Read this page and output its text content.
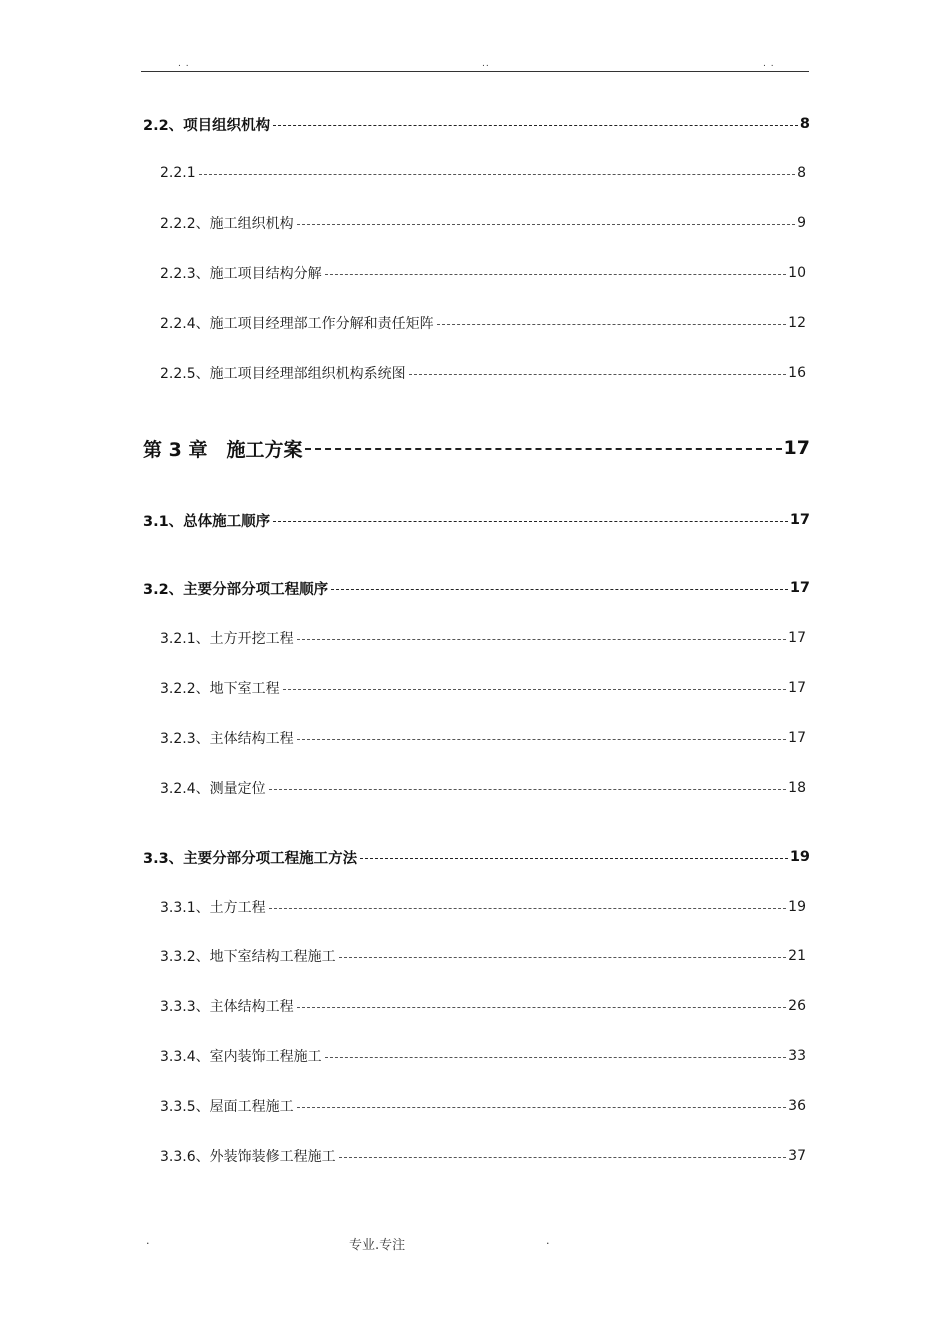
. .	..	. .
2.2、项目组织机构	8
2.2.1	8
2.2.2、施工组织机构	9
2.2.3、施工项目结构分解	10
2.2.4、施工项目经理部工作分解和责任矩阵	12
2.2.5、施工项目经理部组织机构系统图	16
第 3 章　施工方案	17
3.1、总体施工顺序	17
3.2、主要分部分项工程顺序	17
3.2.1、土方开挖工程	17
3.2.2、地下室工程	17
3.2.3、主体结构工程	17
3.2.4、测量定位	18
3.3、主要分部分项工程施工方法	19
3.3.1、土方工程	19
3.3.2、地下室结构工程施工	21
3.3.3、主体结构工程	26
3.3.4、室内装饰工程施工	33
3.3.5、屋面工程施工	36
3.3.6、外装饰装修工程施工	37
.	专业.专注	.
